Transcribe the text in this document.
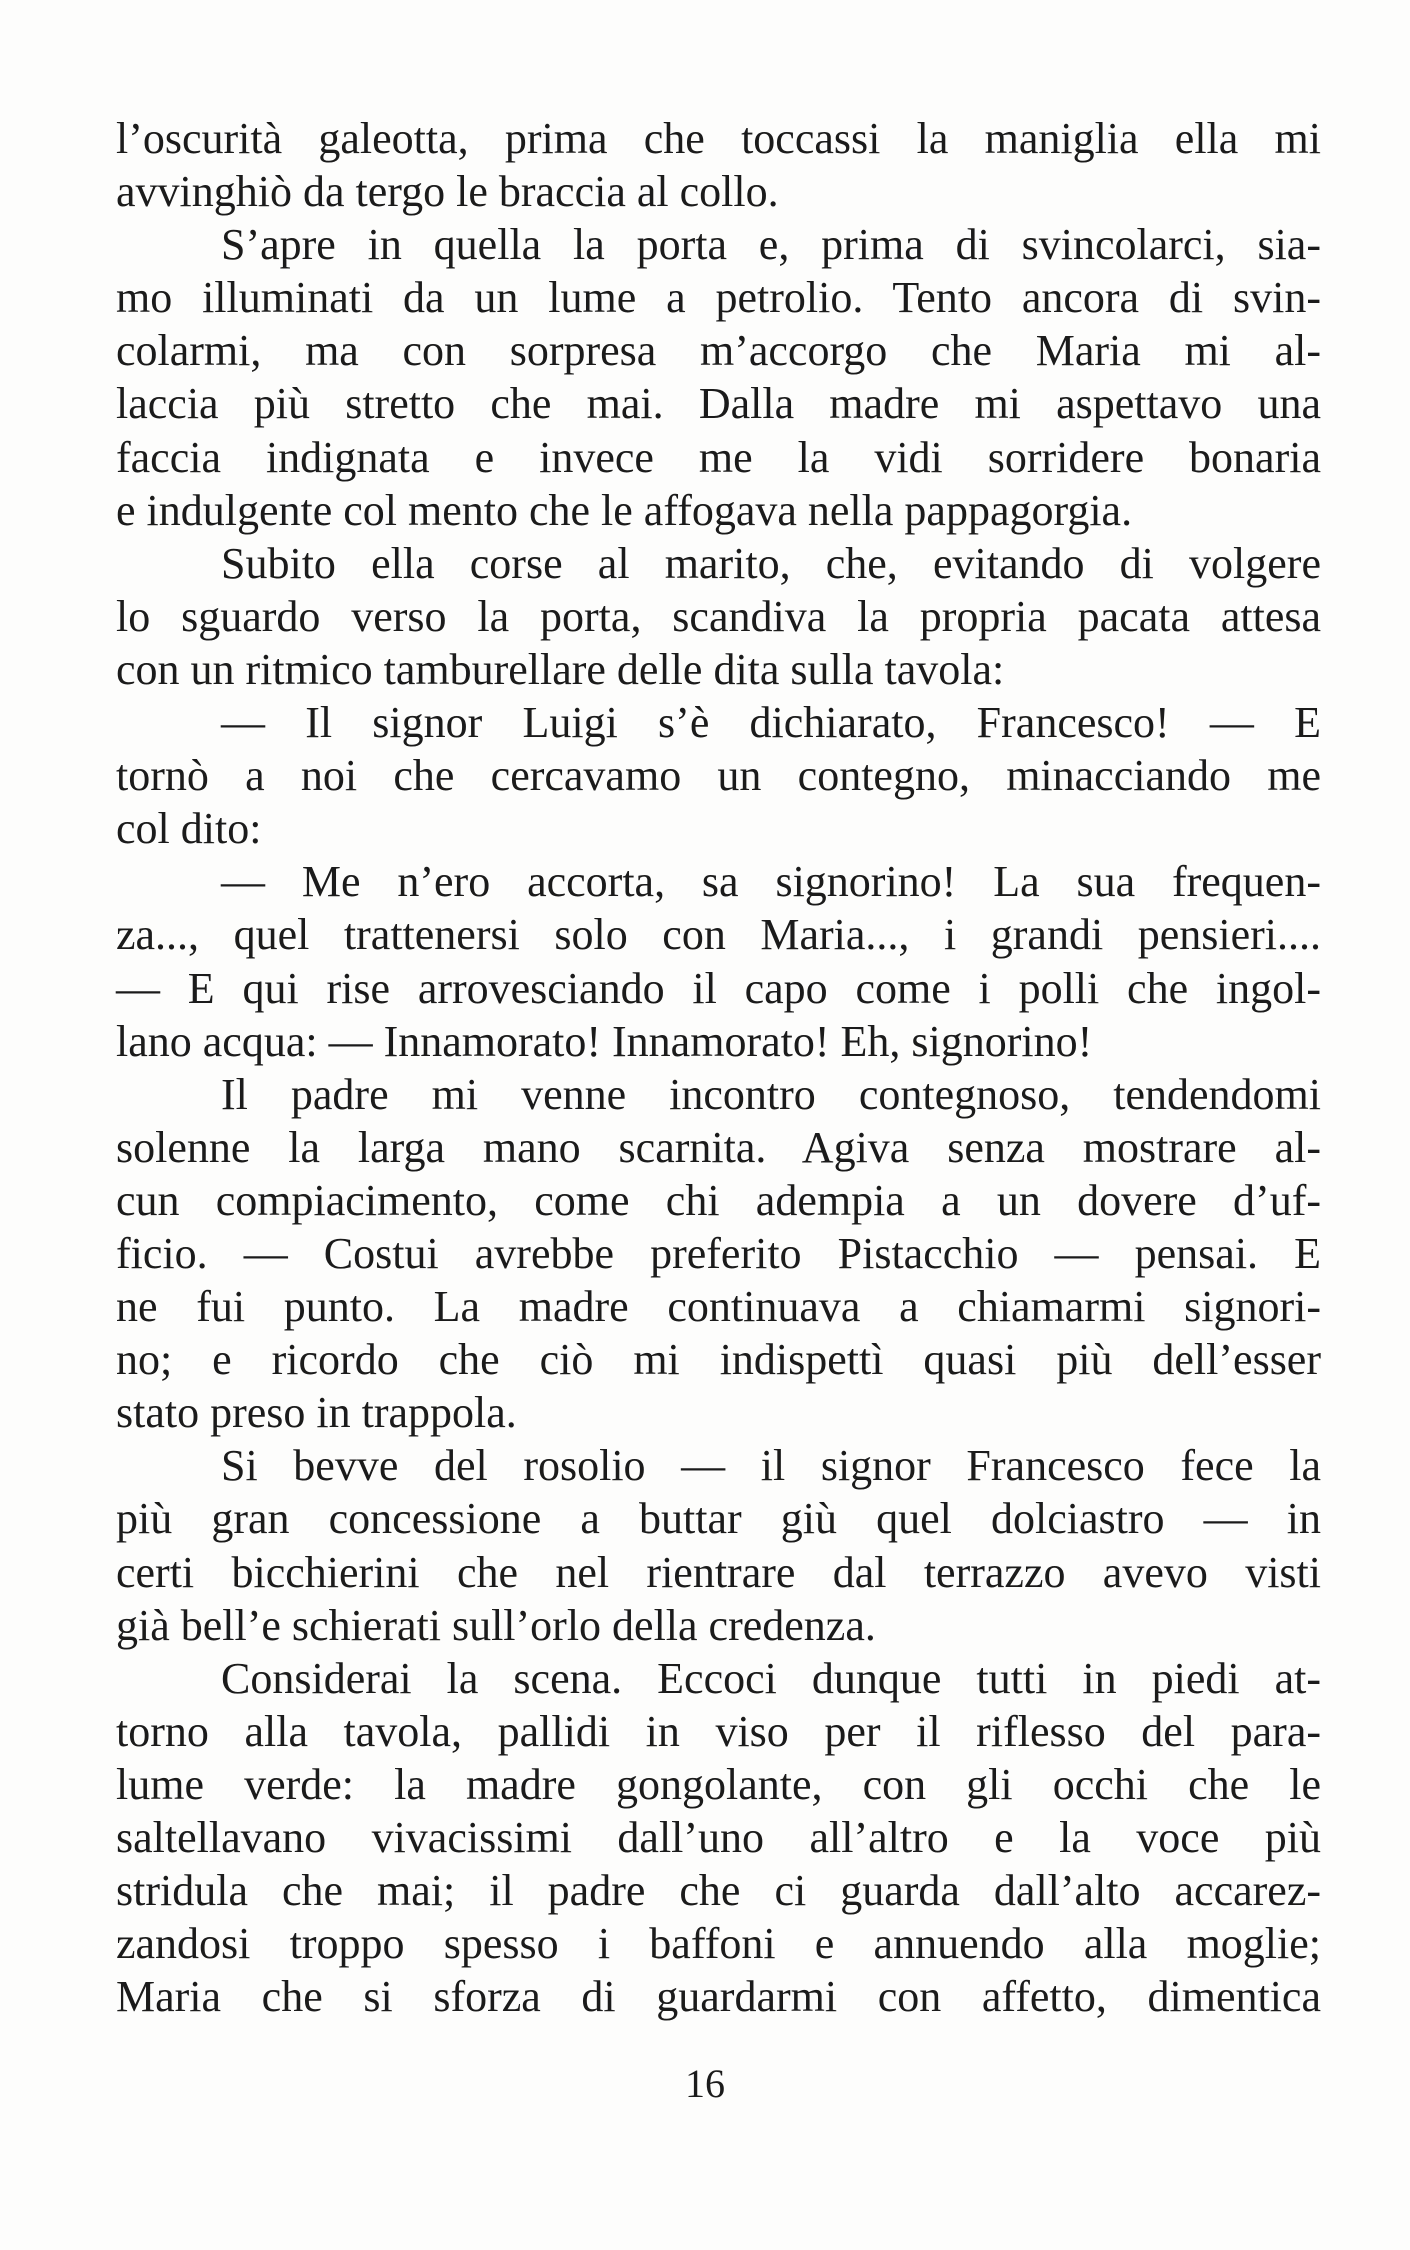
l’oscurità galeotta, prima che toccassi la maniglia ella mi
avvinghiò da tergo le braccia al collo.
S’apre in quella la porta e, prima di svincolarci, sia-
mo illuminati da un lume a petrolio. Tento ancora di svin-
colarmi, ma con sorpresa m’accorgo che Maria mi al-
laccia più stretto che mai. Dalla madre mi aspettavo una
faccia indignata e invece me la vidi sorridere bonaria
e indulgente col mento che le affogava nella pappagorgia.
Subito ella corse al marito, che, evitando di volgere
lo sguardo verso la porta, scandiva la propria pacata attesa
con un ritmico tamburellare delle dita sulla tavola:
— Il signor Luigi s’è dichiarato, Francesco! — E
tornò a noi che cercavamo un contegno, minacciando me
col dito:
— Me n’ero accorta, sa signorino! La sua frequen-
za..., quel trattenersi solo con Maria..., i grandi pensieri....
— E qui rise arrovesciando il capo come i polli che ingol-
lano acqua: — Innamorato! Innamorato! Eh, signorino!
Il padre mi venne incontro contegnoso, tendendomi
solenne la larga mano scarnita. Agiva senza mostrare al-
cun compiacimento, come chi adempia a un dovere d’uf-
ficio. — Costui avrebbe preferito Pistacchio — pensai. E
ne fui punto. La madre continuava a chiamarmi signori-
no; e ricordo che ciò mi indispettì quasi più dell’esser
stato preso in trappola.
Si bevve del rosolio — il signor Francesco fece la
più gran concessione a buttar giù quel dolciastro — in
certi bicchierini che nel rientrare dal terrazzo avevo visti
già bell’e schierati sull’orlo della credenza.
Considerai la scena. Eccoci dunque tutti in piedi at-
torno alla tavola, pallidi in viso per il riflesso del para-
lume verde: la madre gongolante, con gli occhi che le
saltellavano vivacissimi dall’uno all’altro e la voce più
stridula che mai; il padre che ci guarda dall’alto accarez-
zandosi troppo spesso i baffoni e annuendo alla moglie;
Maria che si sforza di guardarmi con affetto, dimentica
16
